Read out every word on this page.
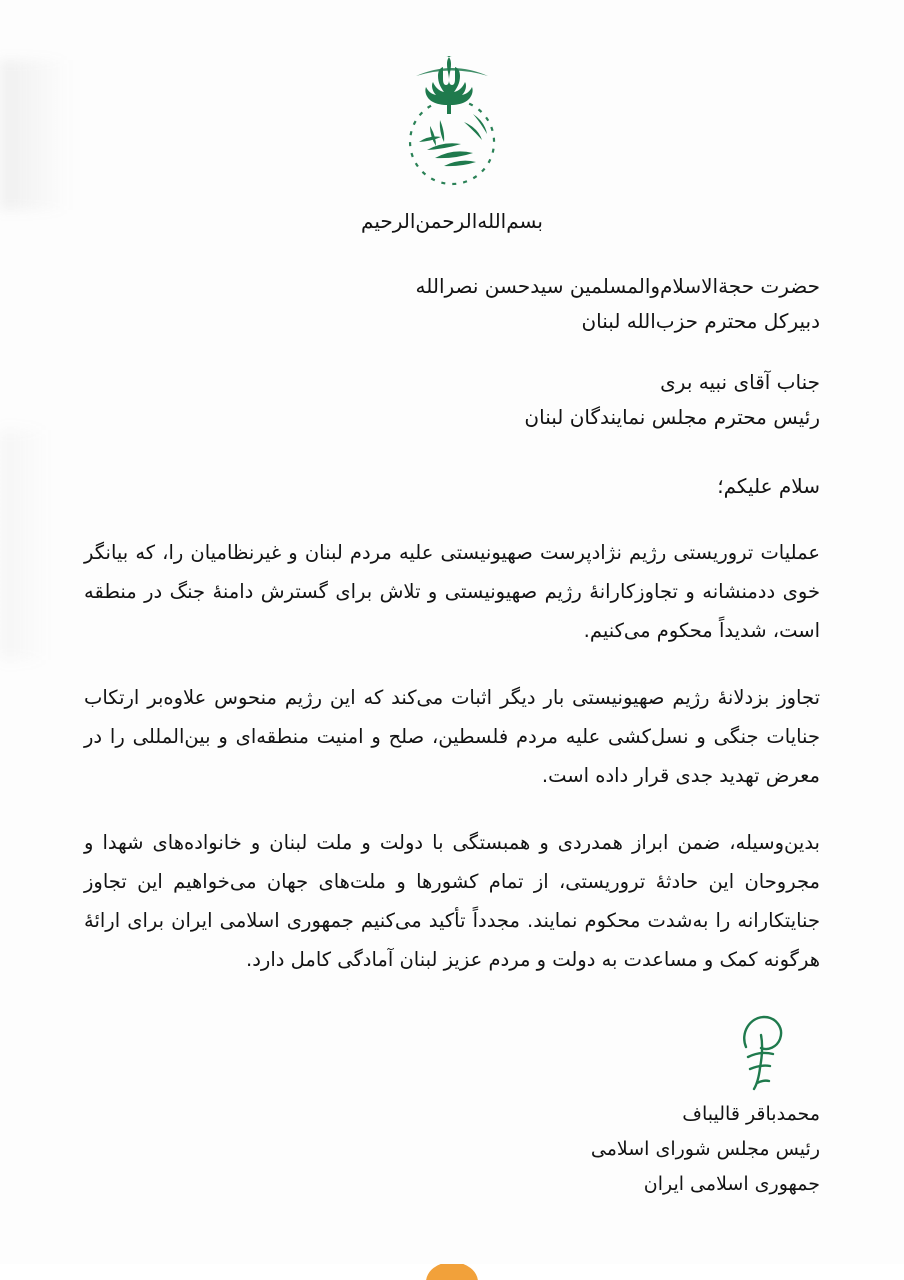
بسم‌الله‌الرحمن‌الرحیم
حضرت حجة‌الاسلام‌والمسلمین سیدحسن نصرالله
دبیرکل محترم حزب‌الله لبنان
جناب آقای نبیه بری
رئیس محترم مجلس نمایندگان لبنان
سلام علیکم؛

عملیات تروریستی رژیم نژادپرست صهیونیستی علیه مردم لبنان و غیرنظامیان را، که بیانگر خوی ددمنشانه و تجاوزکارانهٔ رژیم صهیونیستی و تلاش برای گسترش دامنهٔ جنگ در منطقه است، شدیداً محکوم می‌کنیم.

تجاوز بزدلانهٔ رژیم صهیونیستی بار دیگر اثبات می‌کند که این رژیم منحوس علاوه‌بر ارتکاب جنایات جنگی و نسل‌کشی علیه مردم فلسطین، صلح و امنیت منطقه‌ای و بین‌المللی را در معرض تهدید جدی قرار داده است.

بدین‌وسیله، ضمن ابراز همدردی و همبستگی با دولت و ملت لبنان و خانواده‌های شهدا و مجروحان این حادثهٔ تروریستی، از تمام کشورها و ملت‌های جهان می‌خواهیم این تجاوز جنایتکارانه را به‌شدت محکوم نمایند. مجدداً تأکید می‌کنیم جمهوری اسلامی ایران برای ارائهٔ هرگونه کمک و مساعدت به دولت و مردم عزیز لبنان آمادگی کامل دارد.

محمدباقر قالیباف
رئیس مجلس شورای اسلامی
جمهوری اسلامی ایران
